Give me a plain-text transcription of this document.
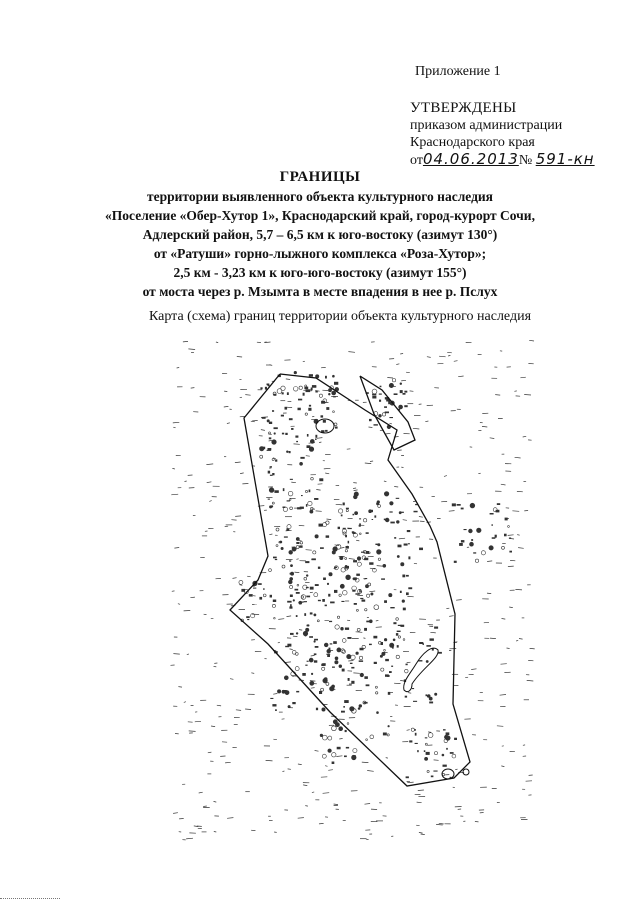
Приложение 1
УТВЕРЖДЕНЫ
приказом администрации
Краснодарского края
от04.06.2013№ 591-кн
ГРАНИЦЫ
территории выявленного объекта культурного наследия
«Поселение «Обер-Хутор 1», Краснодарский край, город-курорт Сочи,
Адлерский район, 5,7 – 6,5 км к юго-востоку (азимут 130°)
от «Ратуши» горно-лыжного комплекса «Роза-Хутор»;
2,5 км - 3,23 км к юго-юго-востоку (азимут 155°)
от моста через р. Мзымта в месте впадения в нее р. Пслух
Карта (схема) границ территории объекта культурного наследия
